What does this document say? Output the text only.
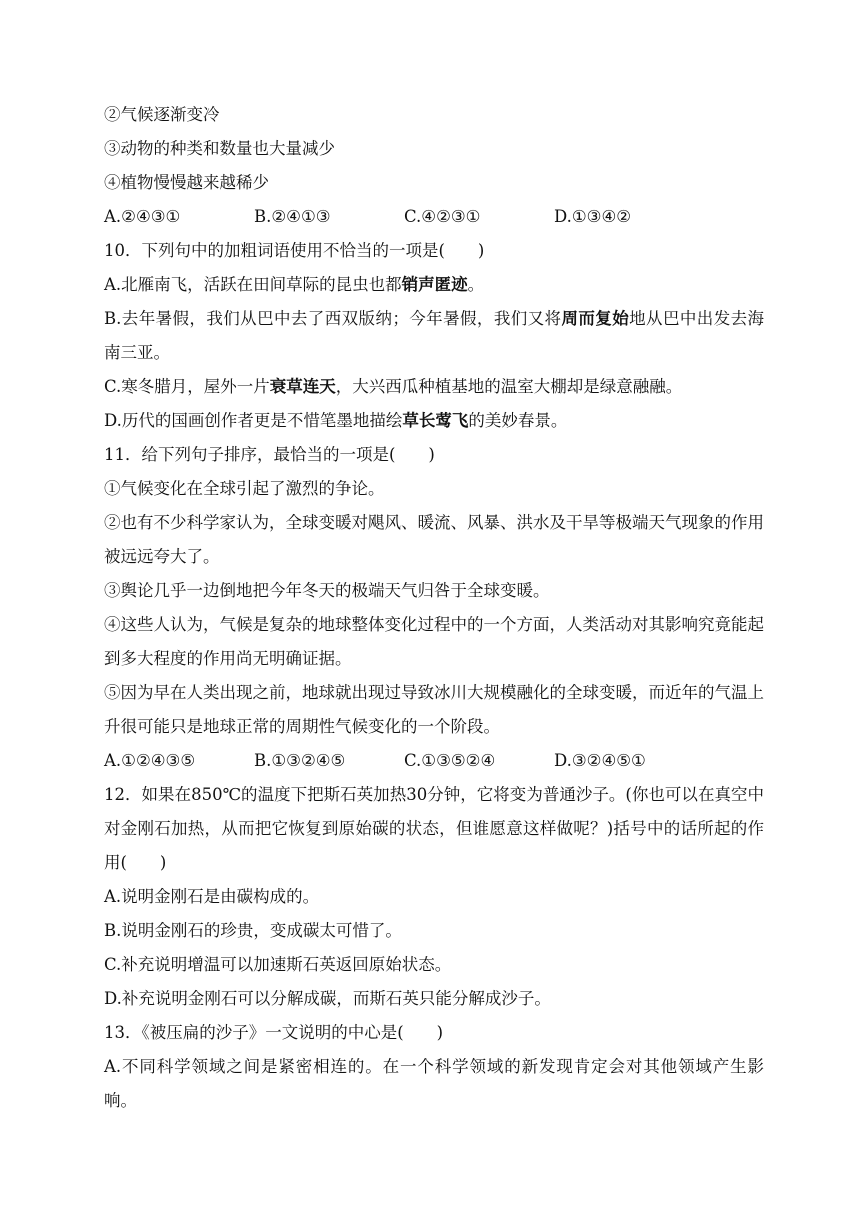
②气候逐渐变冷
③动物的种类和数量也大量减少
④植物慢慢越来越稀少
A.②④③①	B.②④①③	C.④②③①	D.①③④②
10．下列句中的加粗词语使用不恰当的一项是(　　)
A.北雁南飞，活跃在田间草际的昆虫也都销声匿迹。
B.去年暑假，我们从巴中去了西双版纳；今年暑假，我们又将周而复始地从巴中出发去海南三亚。
C.寒冬腊月，屋外一片衰草连天，大兴西瓜种植基地的温室大棚却是绿意融融。
D.历代的国画创作者更是不惜笔墨地描绘草长莺飞的美妙春景。
11．给下列句子排序，最恰当的一项是(　　)
①气候变化在全球引起了激烈的争论。
②也有不少科学家认为，全球变暖对飓风、暖流、风暴、洪水及干旱等极端天气现象的作用被远远夸大了。
③舆论几乎一边倒地把今年冬天的极端天气归咎于全球变暖。
④这些人认为，气候是复杂的地球整体变化过程中的一个方面，人类活动对其影响究竟能起到多大程度的作用尚无明确证据。
⑤因为早在人类出现之前，地球就出现过导致冰川大规模融化的全球变暖，而近年的气温上升很可能只是地球正常的周期性气候变化的一个阶段。
A.①②④③⑤	B.①③②④⑤	C.①③⑤②④	D.③②④⑤①
12．如果在850℃的温度下把斯石英加热30分钟，它将变为普通沙子。(你也可以在真空中对金刚石加热，从而把它恢复到原始碳的状态，但谁愿意这样做呢？)括号中的话所起的作用(　　)
A.说明金刚石是由碳构成的。
B.说明金刚石的珍贵，变成碳太可惜了。
C.补充说明增温可以加速斯石英返回原始状态。
D.补充说明金刚石可以分解成碳，而斯石英只能分解成沙子。
13．《被压扁的沙子》一文说明的中心是(　　)
A.不同科学领域之间是紧密相连的。在一个科学领域的新发现肯定会对其他领域产生影响。
